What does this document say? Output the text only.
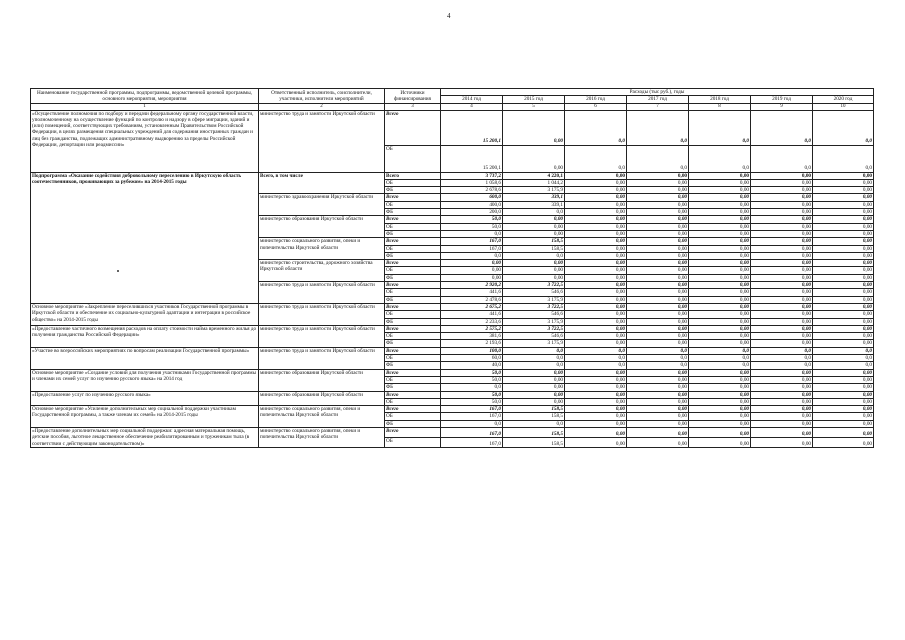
4
Наименование государственной программы, подпрограммы, ведомственной целевой программы, основного мероприятия, мероприятия	Ответственный исполнитель, соисполнители, участники, исполнители мероприятий	Источники финансирования	Расходы (тыс руб.), годы						
			2014 год	2015 год	2016 год	2017 год	2018 год	2019 год	2020 год
1	2	3	4	5	6	7	8	9	10
«Осуществление полномочия по подбору и передачи федеральному органу государственной власти, уполномоченному на осуществление функций по контролю и надзору в сфере миграции, зданий и (или) помещений, соответствующих требованиям, установленным Правительством Российской Федерации, в целях размещения специальных учреждений для содержания иностранных граждан и лиц без гражданства, подлежащих административному выдворению за пределы Российской Федерации, депортации или реадмиссии»	министерство труда и занятости Иркутской области	Всего	15 200,1	0,00	0,0	0,0	0,0	0,0	0,0
		ОБ	15 200,1	0,00	0,0	0,0	0,0	0,0	0,0
Подпрограмма «Оказание содействия добровольному переселению в Иркутскую область соотечественников, проживающих за рубежом» на 2014-2015 годы	Всего, в том числе	Всего	3 737,2	4 220,1	0,00	0,00	0,00	0,00	0,00
		ОБ	1 058,6	1 044,2	0,00	0,00	0,00	0,00	0,00
		ФБ	2 678,6	3 175,9	0,00	0,00	0,00	0,00	0,00
	министерство здравоохранения Иркутской области	Всего	600,0	339,1	0,00	0,00	0,00	0,00	0,00
		ОБ	400,0	339,1	0,00	0,00	0,00	0,00	0,00
		ФБ	200,0	0,0	0,00	0,00	0,00	0,00	0,00
	министерство образования Иркутской области	Всего	50,0	0,00	0,00	0,00	0,00	0,00	0,00
		ОБ	50,0	0,00	0,00	0,00	0,00	0,00	0,00
		ФБ	0,0	0,00	0,00	0,00	0,00	0,00	0,00
	министерство социального развития, опеки и попечительства Иркутской области	Всего	167,0	158,5	0,00	0,00	0,00	0,00	0,00
		ОБ	167,0	158,5	0,00	0,00	0,00	0,00	0,00
		ФБ	0,0	0,0	0,00	0,00	0,00	0,00	0,00
	министерство строительства, дорожного хозяйства Иркутской области	Всего	0,00	0,00	0,00	0,00	0,00	0,00	0,00
		ОБ	0,00	0,00	0,00	0,00	0,00	0,00	0,00
		ФБ	0,00	0,00	0,00	0,00	0,00	0,00	0,00
	министерство труда и занятости Иркутской области	Всего	2 920,2	3 722,5	0,00	0,00	0,00	0,00	0,00
		ОБ	441,6	546,6	0,00	0,00	0,00	0,00	0,00
		ФБ	2 478,6	3 175,9	0,00	0,00	0,00	0,00	0,00
Основное мероприятие «Закрепление переселившихся участников Государственной программы в Иркутской области и обеспечение их социально-культурной адаптации и интеграции в российское общество» на 2014-2015 годы	министерство труда и занятости Иркутской области	Всего	2 675,2	3 722,5	0,00	0,00	0,00	0,00	0,00
		ОБ	441,6	546,6	0,00	0,00	0,00	0,00	0,00
		ФБ	2 233,6	3 175,9	0,00	0,00	0,00	0,00	0,00
«Предоставление частичного возмещения расходов на оплату стоимости найма временного жилья до получения гражданства Российской Федерации»	министерство труда и занятости Иркутской области	Всего	2 575,2	3 722,5	0,00	0,00	0,00	0,00	0,00
		ОБ	381,6	546,6	0,00	0,00	0,00	0,00	0,00
		ФБ	2 193,6	3 175,9	0,00	0,00	0,00	0,00	0,00
«Участие во всероссийских мероприятиях по вопросам реализации Государственной программы»	министерство труда и занятости Иркутской области	Всего	100,0	0,0	0,0	0,0	0,0	0,0	0,0
		ОБ	60,0	0,0	0,0	0,0	0,0	0,0	0,0
		ФБ	40,0	0,0	0,0	0,0	0,0	0,0	0,0
Основное мероприятие «Создание условий для получения участниками Государственной программы и членами их семей услуг по изучению русского языка» на 2014 год	министерство образования Иркутской области	Всего	50,0	0,00	0,00	0,00	0,00	0,00	0,00
		ОБ	50,0	0,00	0,00	0,00	0,00	0,00	0,00
		ФБ	0,0	0,00	0,00	0,00	0,00	0,00	0,00
«Предоставление услуг по изучению русского языка»	министерство образования Иркутской области	Всего	50,0	0,00	0,00	0,00	0,00	0,00	0,00
		ОБ	50,0	0,00	0,00	0,00	0,00	0,00	0,00
Основное мероприятие «Усиление дополнительных мер социальной поддержки участникам Государственной программы, а также членам их семей» на 2014-2015 годы	министерство социального развития, опеки и попечительства Иркутской области	Всего	167,0	158,5	0,00	0,00	0,00	0,00	0,00
		ОБ	167,0	158,5	0,00	0,00	0,00	0,00	0,00
		ФБ	0,0	0,0	0,00	0,00	0,00	0,00	0,00
«Предоставление дополнительных мер социальной поддержки: адресная материальная помощь, детские пособия, льготное лекарственное обеспечение реабилитированным и труженикам тыла (в соответствии с действующим законодательством)»	министерство социального развития, опеки и попечительства Иркутской области	Всего	167,0	158,5	0,00	0,00	0,00	0,00	0,00
		ОБ	167,0	158,5	0,00	0,00	0,00	0,00	0,00
